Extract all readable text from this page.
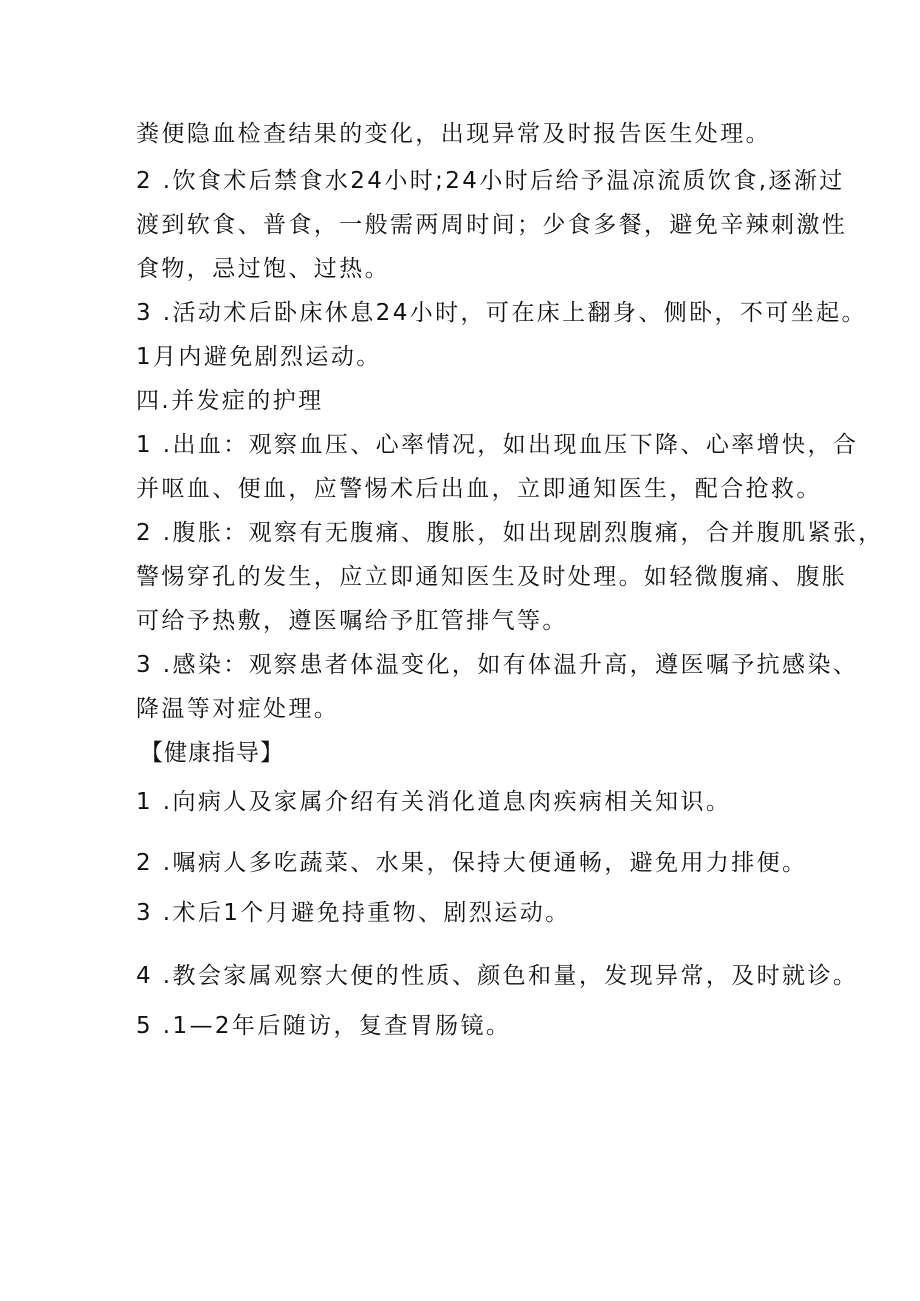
粪便隐血检查结果的变化，出现异常及时报告医生处理。
2 .饮食术后禁食水24小时;24小时后给予温凉流质饮食,逐渐过
渡到软食、普食，一般需两周时间；少食多餐，避免辛辣刺激性
食物，忌过饱、过热。
3 .活动术后卧床休息24小时，可在床上翻身、侧卧，不可坐起。
1月内避免剧烈运动。
四.并发症的护理
1 .出血：观察血压、心率情况，如出现血压下降、心率增快，合
并呕血、便血，应警惕术后出血，立即通知医生，配合抢救。
2 .腹胀：观察有无腹痛、腹胀，如出现剧烈腹痛，合并腹肌紧张，
警惕穿孔的发生，应立即通知医生及时处理。如轻微腹痛、腹胀
可给予热敷，遵医嘱给予肛管排气等。
3 .感染：观察患者体温变化，如有体温升高，遵医嘱予抗感染、
降温等对症处理。
【健康指导】
1 .向病人及家属介绍有关消化道息肉疾病相关知识。
2 .嘱病人多吃蔬菜、水果，保持大便通畅，避免用力排便。
3 .术后1个月避免持重物、剧烈运动。
4 .教会家属观察大便的性质、颜色和量，发现异常，及时就诊。
5 .1—2年后随访，复查胃肠镜。
